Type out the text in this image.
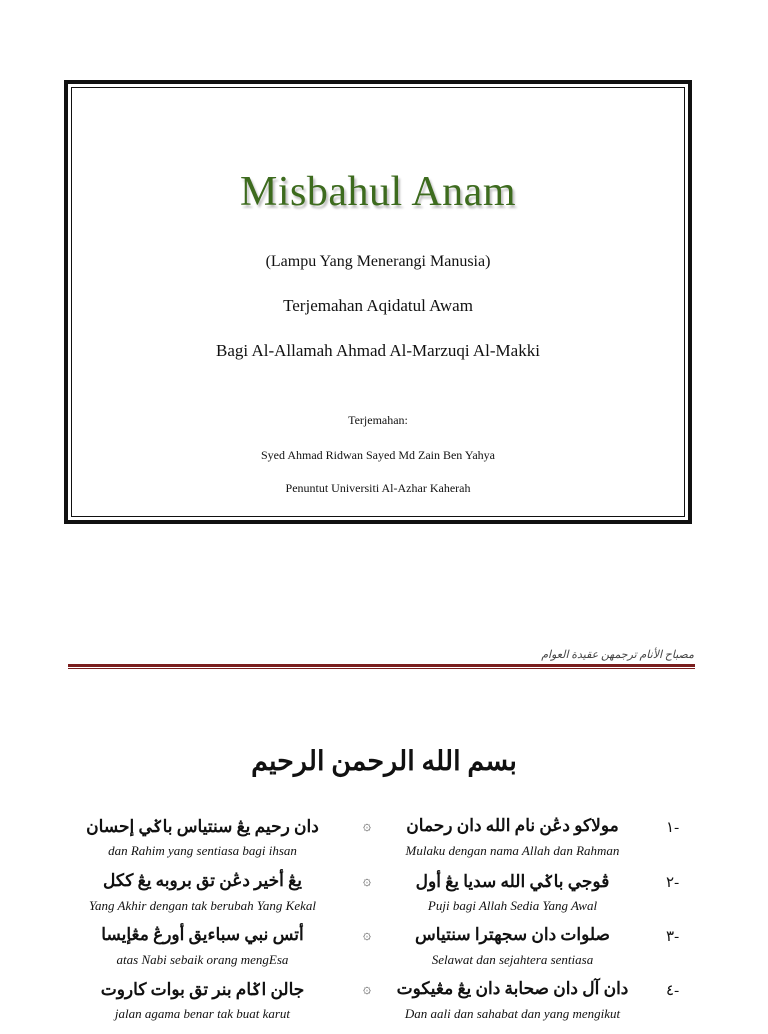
Misbahul Anam
(Lampu Yang Menerangi Manusia)
Terjemahan Aqidatul Awam
Bagi Al-Allamah Ahmad Al-Marzuqi Al-Makki
Terjemahan:
Syed Ahmad Ridwan Sayed Md Zain Ben Yahya
Penuntut Universiti Al-Azhar Kaherah
مصباح الأنام ترجمهن عقيدة العوام
بسم الله الرحمن الرحيم
-١
مولاكو دڠن نام الله دان رحمان
۞
دان رحيم يڠ سنتياس باݢي إحسان
Mulaku dengan nama Allah dan Rahman
dan Rahim yang sentiasa bagi ihsan
-٢
ڤوجي باݢي الله سديا يڠ أول
۞
يڠ أخير دڠن تق بروبه يڠ ككل
Puji bagi Allah Sedia Yang Awal
Yang Akhir dengan tak berubah Yang Kekal
-٣
صلوات دان سجهترا سنتياس
۞
أتس نبي سباءيق أورڠ مڠإيسا
Selawat dan sejahtera sentiasa
atas Nabi sebaik orang mengEsa
-٤
دان آل دان صحابة دان يڠ مڠيكوت
۞
جالن اݢام بنر تق بوات كاروت
Dan aali dan sahabat dan yang mengikut
jalan agama benar tak buat karut
